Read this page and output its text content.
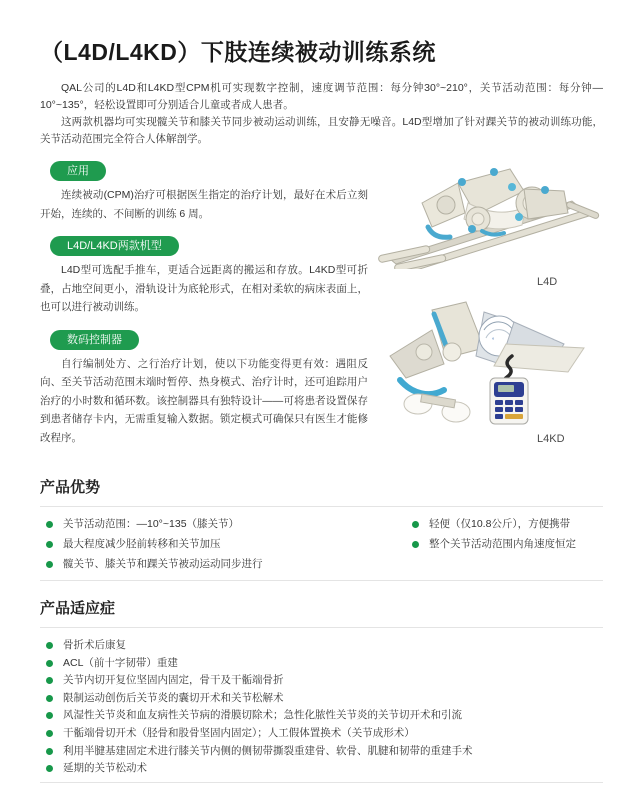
（L4D/L4KD）下肢连续被动训练系统

QAL公司的L4D和L4KD型CPM机可实现数字控制，速度调节范围：每分钟30°~210°，关节活动范围：每分钟—10°~135°，轻松设置即可分别适合儿童或者成人患者。

这两款机器均可实现髋关节和膝关节同步被动运动训练，且安静无噪音。L4D型增加了针对踝关节的被动训练功能，关节活动范围完全符合人体解剖学。

应用

连续被动(CPM)治疗可根据医生指定的治疗计划，最好在术后立刻开始，连续的、不间断的训练 6 周。

L4D/L4KD两款机型

L4D型可选配手推车，更适合远距离的搬运和存放。L4KD型可折叠，占地空间更小，滑轨设计为底轮形式，在相对柔软的病床表面上，也可以进行被动训练。

数码控制器

自行编制处方、之行治疗计划，使以下功能变得更有效：遇阻反向、至关节活动范围末端时暂停、热身模式、治疗计时，还可追踪用户治疗的小时数和循环数。该控制器具有独特设计——可将患者设置保存到患者储存卡内，无需重复输入数据。锁定模式可确保只有医生才能修改程序。

L4D
°
L4KD
产品优势
关节活动范围：—10°~135（膝关节）
最大程度减少胫前转移和关节加压
髋关节、膝关节和踝关节被动运动同步进行
轻便（仅10.8公斤），方便携带
整个关节活动范围内角速度恒定
产品适应症
骨折术后康复
ACL（前十字韧带）重建
关节内切开复位坚固内固定，骨干及干骺端骨折
限制运动创伤后关节炎的囊切开术和关节松解术
风湿性关节炎和血友病性关节病的滑膜切除术；急性化脓性关节炎的关节切开术和引流
干骺端骨切开术（胫骨和股骨坚固内固定）；人工假体置换术（关节成形术）
利用半腱基建固定术进行膝关节内侧的侧韧带撕裂重建骨、软骨、肌腱和韧带的重建手术
延期的关节松动术
